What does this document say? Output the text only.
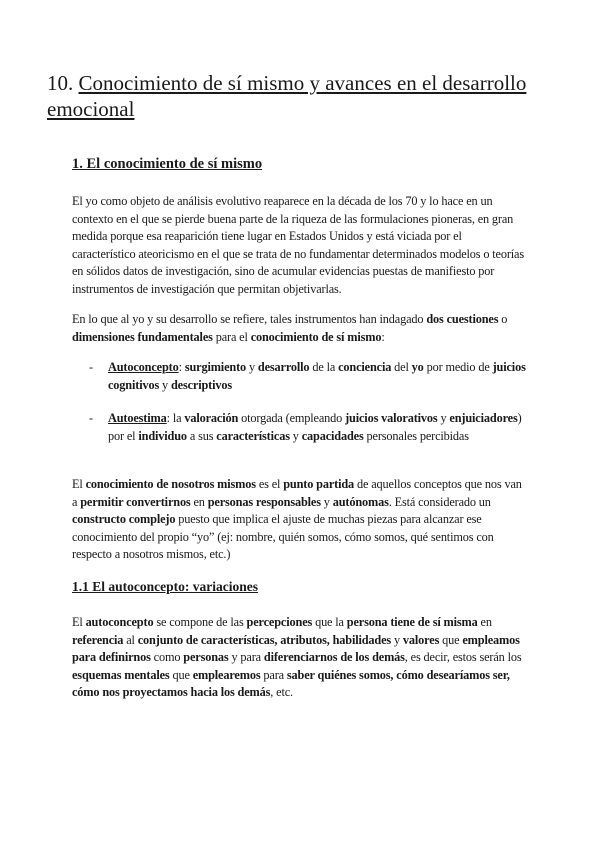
10. Conocimiento de sí mismo y avances en el desarrollo emocional
1. El conocimiento de sí mismo

El yo como objeto de análisis evolutivo reaparece en la década de los 70 y lo hace en un contexto en el que se pierde buena parte de la riqueza de las formulaciones pioneras, en gran medida porque esa reaparición tiene lugar en Estados Unidos y está viciada por el característico ateoricismo en el que se trata de no fundamentar determinados modelos o teorías en sólidos datos de investigación, sino de acumular evidencias puestas de manifiesto por instrumentos de investigación que permitan objetivarlas.

En lo que al yo y su desarrollo se refiere, tales instrumentos han indagado dos cuestiones o dimensiones fundamentales para el conocimiento de sí mismo:

-	Autoconcepto: surgimiento y desarrollo de la conciencia del yo por medio de juicios cognitivos y descriptivos
-	Autoestima: la valoración otorgada (empleando juicios valorativos y enjuiciadores) por el individuo a sus características y capacidades personales percibidas

El conocimiento de nosotros mismos es el punto partida de aquellos conceptos que nos van a permitir convertirnos en personas responsables y autónomas. Está considerado un constructo complejo puesto que implica el ajuste de muchas piezas para alcanzar ese conocimiento del propio “yo” (ej: nombre, quién somos, cómo somos, qué sentimos con respecto a nosotros mismos, etc.)

1.1 El autoconcepto: variaciones

El autoconcepto se compone de las percepciones que la persona tiene de sí misma en referencia al conjunto de características, atributos, habilidades y valores que empleamos para definirnos como personas y para diferenciarnos de los demás, es decir, estos serán los esquemas mentales que emplearemos para saber quiénes somos, cómo desearíamos ser, cómo nos proyectamos hacia los demás, etc.
